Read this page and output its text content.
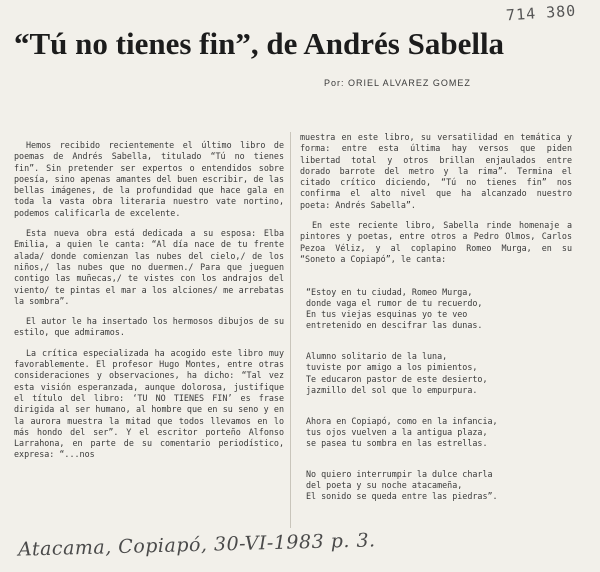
714 380
“Tú no tienes fin”, de Andrés Sabella
Por: ORIEL ALVAREZ GOMEZ

Hemos recibido recientemente el último libro de poemas de Andrés Sabella, titulado “Tú no tienes fin”. Sin pretender ser expertos o entendidos sobre poesía, sino apenas amantes del buen escribir, de las bellas imágenes, de la profundidad que hace gala en toda la vasta obra literaria nuestro vate nortino, podemos calificarla de excelente.

Esta nueva obra está dedicada a su esposa: Elba Emilia, a quien le canta: “Al día nace de tu frente alada/ donde comienzan las nubes del cielo,/ de los niños,/ las nubes que no duermen./ Para que jueguen contigo las muñecas,/ te vistes con los andrajos del viento/ te pintas el mar a los alciones/ me arrebatas la sombra”.

El autor le ha insertado los hermosos dibujos de su estilo, que admiramos.

La crítica especializada ha acogido este libro muy favorablemente. El profesor Hugo Montes, entre otras consideraciones y observaciones, ha dicho: “Tal vez esta visión esperanzada, aunque dolorosa, justifique el título del libro: ‘TU NO TIENES FIN’ es frase dirigida al ser humano, al hombre que en su seno y en la aurora muestra la mitad que todos llevamos en lo más hondo del ser”. Y el escritor porteño Alfonso Larrahona, en parte de su comentario periodístico, expresa: “...nos

muestra en este libro, su versatilidad en temática y forma: entre esta última hay versos que piden libertad total y otros brillan enjaulados entre dorado barrote del metro y la rima”. Termina el citado crítico diciendo, “Tú no tienes fin” nos confirma el alto nivel que ha alcanzado nuestro poeta: Andrés Sabella”.

En este reciente libro, Sabella rinde homenaje a pintores y poetas, entre otros a Pedro Olmos, Carlos Pezoa Véliz, y al coplapino Romeo Murga, en su “Soneto a Copiapó”, le canta:

“Estoy en tu ciudad, Romeo Murga,
donde vaga el rumor de tu recuerdo,
En tus viejas esquinas yo te veo
entretenido en descifrar las dunas.

Alumno solitario de la luna,
tuviste por amigo a los pimientos,
Te educaron pastor de este desierto,
jazmillo del sol que lo empurpura.

Ahora en Copiapó, como en la infancia,
tus ojos vuelven a la antigua plaza,
se pasea tu sombra en las estrellas.

No quiero interrumpir la dulce charla
del poeta y su noche atacameña,
El sonido se queda entre las piedras”.

Atacama, Copiapó, 30-VI-1983 p. 3.
